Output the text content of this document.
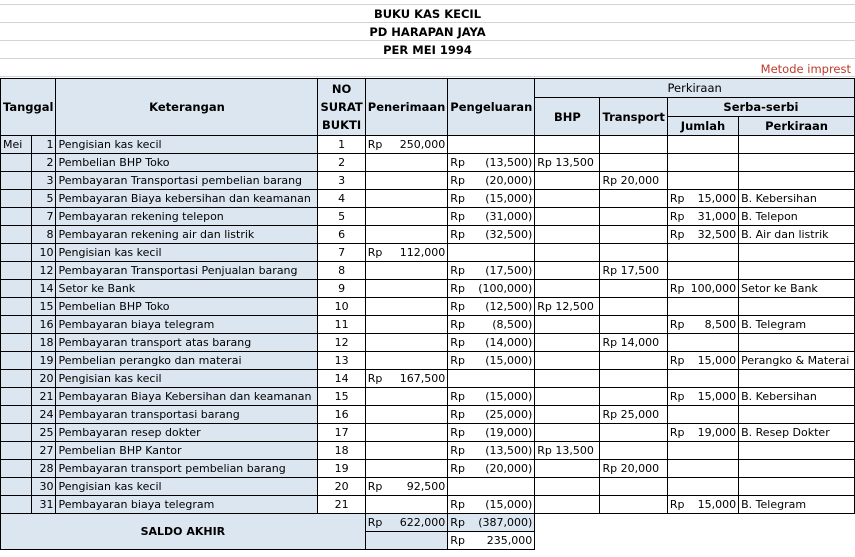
BUKU KAS KECIL
PD HARAPAN JAYA
PER MEI 1994
Metode imprest
Tanggal		Keterangan	NO
SURAT
BUKTI	Penerimaan	Pengeluaran	Perkiraan			
						BHP	Transport	Serba-serbi	
								Jumlah	Perkiraan
Mei	1	Pengisian kas kecil	1	Rp 250,000					

	2	Pembelian BHP Toko	2		Rp (13,500)	Rp 13,500			
	3	Pembayaran Transportasi pembelian barang	3		Rp (20,000)		Rp 20,000		
	5	Pembayaran Biaya kebersihan dan keamanan	4		Rp (15,000)			Rp 15,000	B. Kebersihan
	7	Pembayaran rekening telepon	5		Rp (31,000)			Rp 31,000	B. Telepon
	8	Pembayaran rekening air dan listrik	6		Rp (32,500)			Rp 32,500	B. Air dan listrik
	10	Pengisian kas kecil	7	Rp 112,000					

	12	Pembayaran Transportasi Penjualan barang	8		Rp (17,500)		Rp 17,500		
	14	Setor ke Bank	9		Rp (100,000)			Rp 100,000	Setor ke Bank
	15	Pembelian BHP Toko	10		Rp (12,500)	Rp 12,500			
	16	Pembayaran biaya telegram	11		Rp (8,500)			Rp 8,500	B. Telegram
	18	Pembayaran transport atas barang	12		Rp (14,000)		Rp 14,000		
	19	Pembelian perangko dan materai	13		Rp (15,000)			Rp 15,000	Perangko & Materai
	20	Pengisian kas kecil	14	Rp 167,500					

	21	Pembayaran Biaya Kebersihan dan keamanan	15		Rp (15,000)			Rp 15,000	B. Kebersihan
	24	Pembayaran transportasi barang	16		Rp (25,000)		Rp 25,000		
	25	Pembayaran resep dokter	17		Rp (19,000)			Rp 19,000	B. Resep Dokter
	27	Pembelian BHP Kantor	18		Rp (13,500)	Rp 13,500			
	28	Pembayaran transport pembelian barang	19		Rp (20,000)		Rp 20,000		
	30	Pengisian kas kecil	20	Rp 92,500					

	31	Pembayaran biaya telegram	21		Rp (15,000)			Rp 15,000	B. Telegram
SALDO AKHIR				Rp 622,000	Rp (387,000)				

					Rp 235,000				
